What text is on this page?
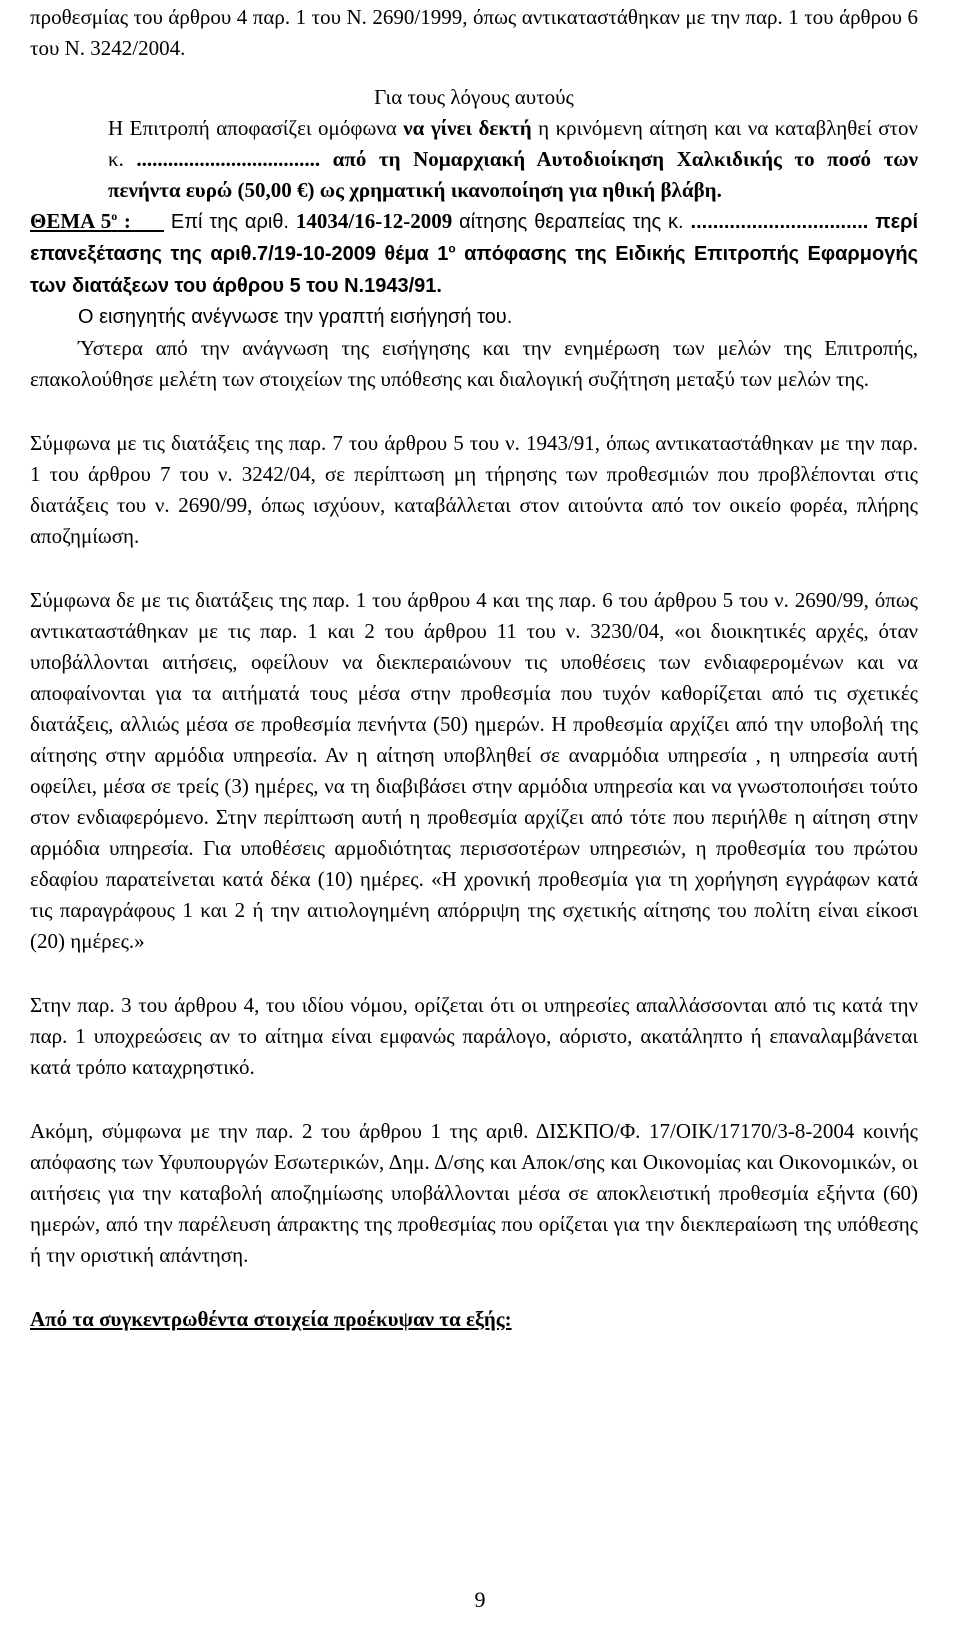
προθεσμίας του άρθρου 4 παρ. 1 του Ν. 2690/1999, όπως αντικαταστάθηκαν με την παρ. 1 του άρθρου 6 του Ν. 3242/2004.

Για τους λόγους αυτούς

Η Επιτροπή αποφασίζει ομόφωνα να γίνει δεκτή η κρινόμενη αίτηση και να καταβληθεί στον κ. ................................... από τη Νομαρχιακή Αυτοδιοίκηση Χαλκιδικής το ποσό των πενήντα ευρώ (50,00 €) ως χρηματική ικανοποίηση για ηθική βλάβη.

ΘΕΜΑ $5^o$ :      Επί της αριθ. 14034/16-12-2009 αίτησης θεραπείας της κ. ................................ περί επανεξέτασης της αριθ.7/19-10-2009 θέμα $1^o$ απόφασης της Ειδικής Επιτροπής Εφαρμογής των διατάξεων του άρθρου 5 του Ν.1943/91.

Ο εισηγητής ανέγνωσε την γραπτή εισήγησή του.

Ύστερα από την ανάγνωση της εισήγησης και την ενημέρωση των μελών της Επιτροπής, επακολούθησε μελέτη των στοιχείων της υπόθεσης και διαλογική συζήτηση μεταξύ των μελών της.

Σύμφωνα με τις διατάξεις της παρ. 7 του άρθρου 5 του ν. 1943/91, όπως αντικαταστάθηκαν με την παρ. 1 του άρθρου 7 του ν. 3242/04, σε περίπτωση μη τήρησης των προθεσμιών που προβλέπονται στις διατάξεις του ν. 2690/99, όπως ισχύουν, καταβάλλεται στον αιτούντα από τον οικείο φορέα, πλήρης αποζημίωση.

Σύμφωνα δε με τις διατάξεις της παρ. 1 του άρθρου 4 και της παρ. 6 του άρθρου 5 του ν. 2690/99, όπως αντικαταστάθηκαν με τις παρ. 1 και 2 του άρθρου 11 του ν. 3230/04, «οι διοικητικές αρχές, όταν υποβάλλονται αιτήσεις, οφείλουν να διεκπεραιώνουν τις υποθέσεις των ενδιαφερομένων και να αποφαίνονται για τα αιτήματά τους μέσα στην προθεσμία που τυχόν καθορίζεται από τις σχετικές διατάξεις, αλλιώς μέσα σε προθεσμία πενήντα (50) ημερών. Η προθεσμία αρχίζει από την υποβολή της αίτησης στην αρμόδια υπηρεσία. Αν η αίτηση υποβληθεί σε αναρμόδια υπηρεσία , η υπηρεσία αυτή οφείλει, μέσα σε τρείς (3) ημέρες, να τη διαβιβάσει στην αρμόδια υπηρεσία και να γνωστοποιήσει τούτο στον ενδιαφερόμενο. Στην περίπτωση αυτή η προθεσμία αρχίζει από τότε που περιήλθε η αίτηση στην αρμόδια υπηρεσία. Για υποθέσεις αρμοδιότητας περισσοτέρων υπηρεσιών, η προθεσμία του πρώτου εδαφίου παρατείνεται κατά δέκα (10) ημέρες. «Η χρονική προθεσμία για τη χορήγηση εγγράφων κατά τις παραγράφους 1 και 2 ή την αιτιολογημένη απόρριψη της σχετικής αίτησης του πολίτη είναι είκοσι (20) ημέρες.»

Στην παρ. 3 του άρθρου 4, του ιδίου νόμου, ορίζεται ότι οι υπηρεσίες απαλλάσσονται από τις κατά την παρ. 1 υποχρεώσεις αν το αίτημα είναι εμφανώς παράλογο, αόριστο, ακατάληπτο ή επαναλαμβάνεται κατά τρόπο καταχρηστικό.

Ακόμη, σύμφωνα με την παρ. 2 του άρθρου 1 της αριθ. ΔΙΣΚΠΟ/Φ. 17/ΟΙΚ/17170/3-8-2004 κοινής απόφασης των Υφυπουργών Εσωτερικών, Δημ. Δ/σης και Αποκ/σης και Οικονομίας και Οικονομικών, οι αιτήσεις για την καταβολή αποζημίωσης υποβάλλονται μέσα σε αποκλειστική προθεσμία εξήντα (60) ημερών, από την παρέλευση άπρακτης της προθεσμίας που ορίζεται για την διεκπεραίωση της υπόθεσης ή την οριστική απάντηση.

Από τα συγκεντρωθέντα στοιχεία προέκυψαν τα εξής:

9
